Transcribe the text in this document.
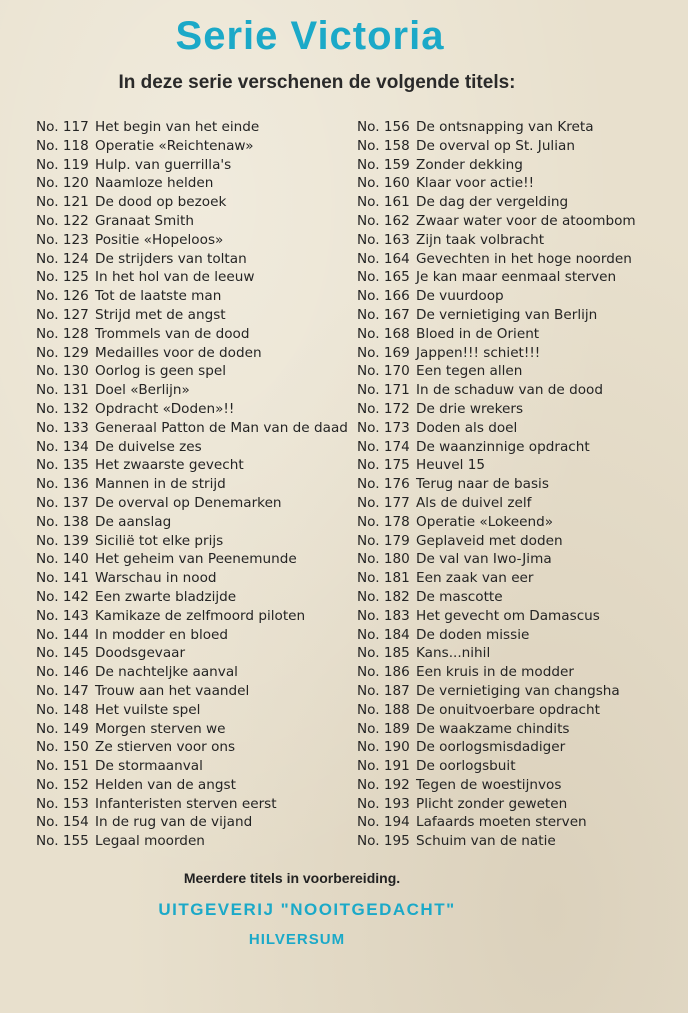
Serie Victoria
In deze serie verschenen de volgende titels:
No. 117 Het begin van het einde
No. 118 Operatie «Reichtenaw»
No. 119 Hulp. van guerrilla's
No. 120 Naamloze helden
No. 121 De dood op bezoek
No. 122 Granaat Smith
No. 123 Positie «Hopeloos»
No. 124 De strijders van toltan
No. 125 In het hol van de leeuw
No. 126 Tot de laatste man
No. 127 Strijd met de angst
No. 128 Trommels van de dood
No. 129 Medailles voor de doden
No. 130 Oorlog is geen spel
No. 131 Doel «Berlijn»
No. 132 Opdracht «Doden»!!
No. 133 Generaal Patton de Man van de daad
No. 134 De duivelse zes
No. 135 Het zwaarste gevecht
No. 136 Mannen in de strijd
No. 137 De overval op Denemarken
No. 138 De aanslag
No. 139 Sicilië tot elke prijs
No. 140 Het geheim van Peenemunde
No. 141 Warschau in nood
No. 142 Een zwarte bladzijde
No. 143 Kamikaze de zelfmoord piloten
No. 144 In modder en bloed
No. 145 Doodsgevaar
No. 146 De nachteljke aanval
No. 147 Trouw aan het vaandel
No. 148 Het vuilste spel
No. 149 Morgen sterven we
No. 150 Ze stierven voor ons
No. 151 De stormaanval
No. 152 Helden van de angst
No. 153 Infanteristen sterven eerst
No. 154 In de rug van de vijand
No. 155 Legaal moorden
No. 156 De ontsnapping van Kreta
No. 158 De overval op St. Julian
No. 159 Zonder dekking
No. 160 Klaar voor actie!!
No. 161 De dag der vergelding
No. 162 Zwaar water voor de atoombom
No. 163 Zijn taak volbracht
No. 164 Gevechten in het hoge noorden
No. 165 Je kan maar eenmaal sterven
No. 166 De vuurdoop
No. 167 De vernietiging van Berlijn
No. 168 Bloed in de Orient
No. 169 Jappen!!! schiet!!!
No. 170 Een tegen allen
No. 171 In de schaduw van de dood
No. 172 De drie wrekers
No. 173 Doden als doel
No. 174 De waanzinnige opdracht
No. 175 Heuvel 15
No. 176 Terug naar de basis
No. 177 Als de duivel zelf
No. 178 Operatie «Lokeend»
No. 179 Geplaveid met doden
No. 180 De val van Iwo-Jima
No. 181 Een zaak van eer
No. 182 De mascotte
No. 183 Het gevecht om Damascus
No. 184 De doden missie
No. 185 Kans...nihil
No. 186 Een kruis in de modder
No. 187 De vernietiging van changsha
No. 188 De onuitvoerbare opdracht
No. 189 De waakzame chindits
No. 190 De oorlogsmisdadiger
No. 191 De oorlogsbuit
No. 192 Tegen de woestijnvos
No. 193 Plicht zonder geweten
No. 194 Lafaards moeten sterven
No. 195 Schuim van de natie

Meerdere titels in voorbereiding.

UITGEVERIJ "NOOITGEDACHT"

HILVERSUM
